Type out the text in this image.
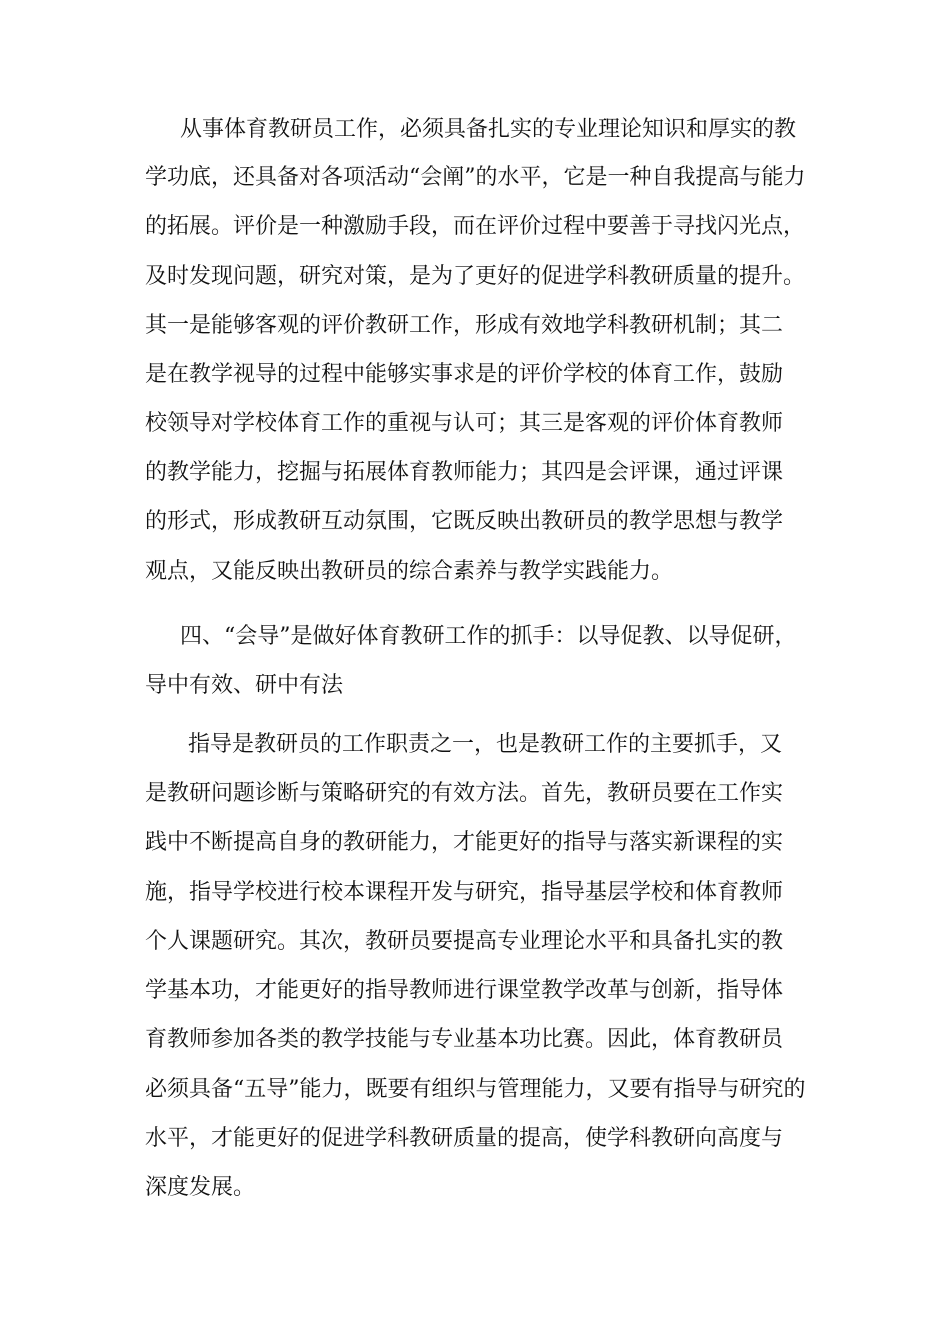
从事体育教研员工作，必须具备扎实的专业理论知识和厚实的教

学功底，还具备对各项活动“会阐”的水平，它是一种自我提高与能力

的拓展。评价是一种激励手段，而在评价过程中要善于寻找闪光点，

及时发现问题，研究对策，是为了更好的促进学科教研质量的提升。

其一是能够客观的评价教研工作，形成有效地学科教研机制；其二

是在教学视导的过程中能够实事求是的评价学校的体育工作，鼓励

校领导对学校体育工作的重视与认可；其三是客观的评价体育教师

的教学能力，挖掘与拓展体育教师能力；其四是会评课，通过评课

的形式，形成教研互动氛围，它既反映出教研员的教学思想与教学

观点，又能反映出教研员的综合素养与教学实践能力。

四、“会导”是做好体育教研工作的抓手：以导促教、以导促研，

导中有效、研中有法

指导是教研员的工作职责之一，也是教研工作的主要抓手，又

是教研问题诊断与策略研究的有效方法。首先，教研员要在工作实

践中不断提高自身的教研能力，才能更好的指导与落实新课程的实

施，指导学校进行校本课程开发与研究，指导基层学校和体育教师

个人课题研究。其次，教研员要提高专业理论水平和具备扎实的教

学基本功，才能更好的指导教师进行课堂教学改革与创新，指导体

育教师参加各类的教学技能与专业基本功比赛。因此，体育教研员

必须具备“五导”能力，既要有组织与管理能力，又要有指导与研究的

水平，才能更好的促进学科教研质量的提高，使学科教研向高度与

深度发展。
